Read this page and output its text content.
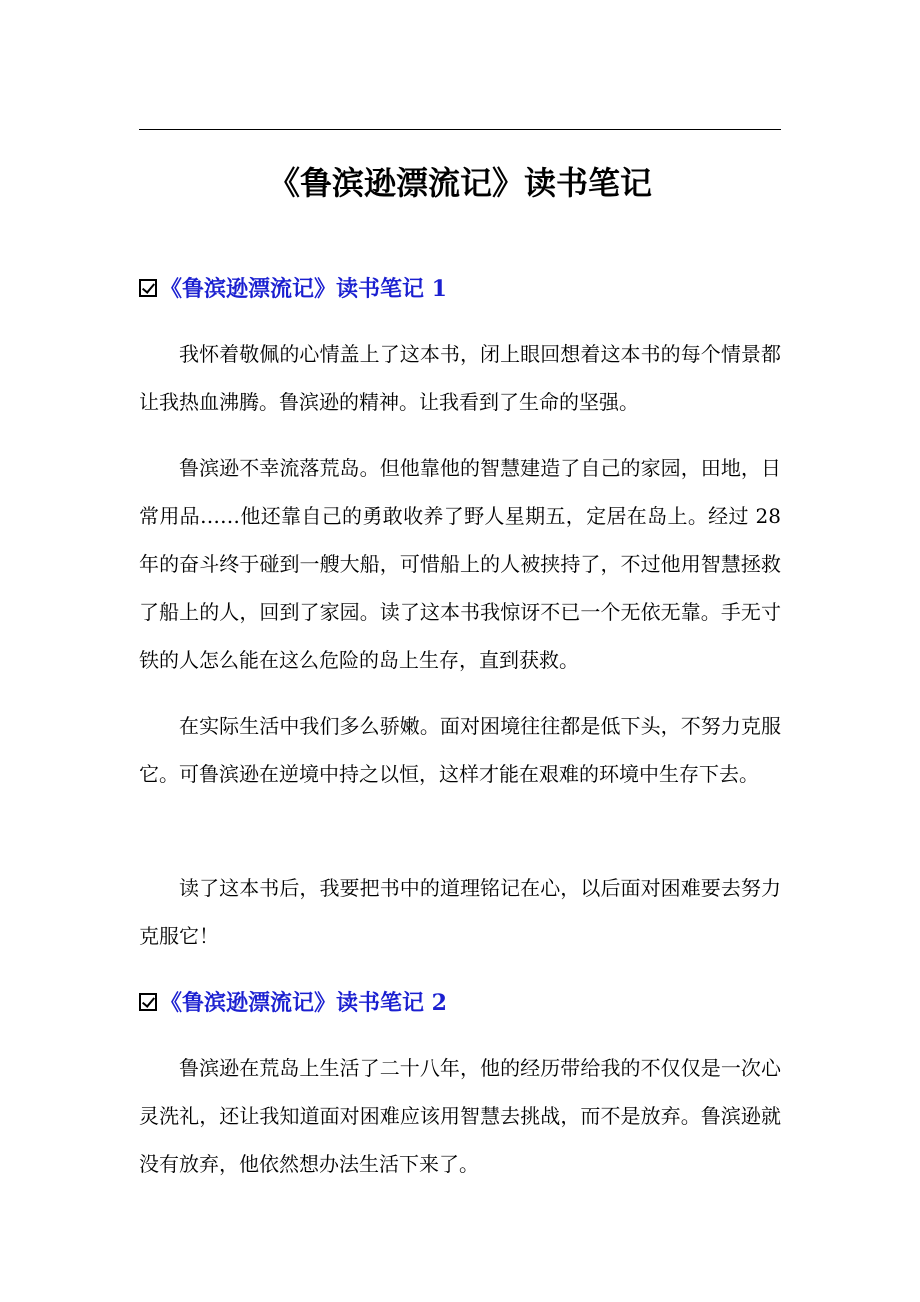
《鲁滨逊漂流记》读书笔记
《鲁滨逊漂流记》读书笔记 1

我怀着敬佩的心情盖上了这本书，闭上眼回想着这本书的每个情景都让我热血沸腾。鲁滨逊的精神。让我看到了生命的坚强。

鲁滨逊不幸流落荒岛。但他靠他的智慧建造了自己的家园，田地，日常用品……他还靠自己的勇敢收养了野人星期五，定居在岛上。经过 28 年的奋斗终于碰到一艘大船，可惜船上的人被挟持了，不过他用智慧拯救了船上的人，回到了家园。读了这本书我惊讶不已一个无依无靠。手无寸铁的人怎么能在这么危险的岛上生存，直到获救。

在实际生活中我们多么骄嫩。面对困境往往都是低下头，不努力克服它。可鲁滨逊在逆境中持之以恒，这样才能在艰难的环境中生存下去。

读了这本书后，我要把书中的道理铭记在心，以后面对困难要去努力克服它！

《鲁滨逊漂流记》读书笔记 2

鲁滨逊在荒岛上生活了二十八年，他的经历带给我的不仅仅是一次心灵洗礼，还让我知道面对困难应该用智慧去挑战，而不是放弃。鲁滨逊就没有放弃，他依然想办法生活下来了。
